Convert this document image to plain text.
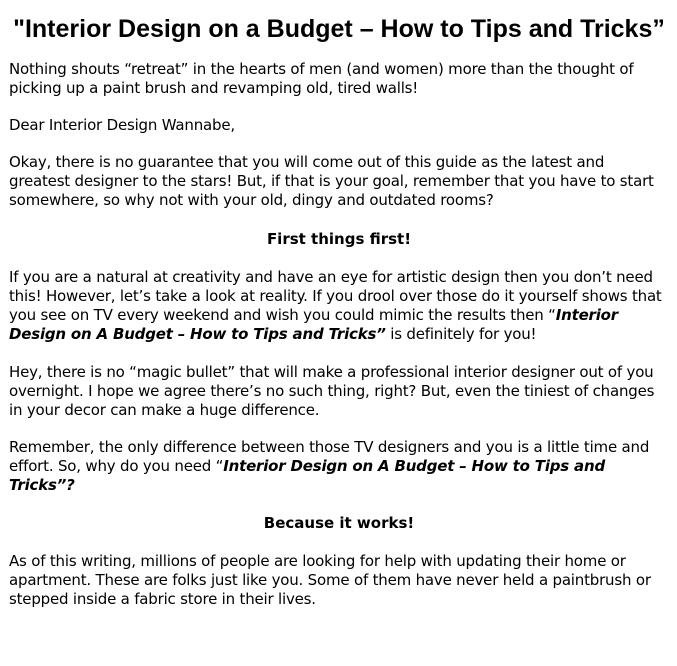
"Interior Design on a Budget – How to Tips and Tricks”

Nothing shouts “retreat” in the hearts of men (and women) more than the thought of picking up a paint brush and revamping old, tired walls!

Dear Interior Design Wannabe,

Okay, there is no guarantee that you will come out of this guide as the latest and greatest designer to the stars! But, if that is your goal, remember that you have to start somewhere, so why not with your old, dingy and outdated rooms?

First things first!

If you are a natural at creativity and have an eye for artistic design then you don’t need this! However, let’s take a look at reality. If you drool over those do it yourself shows that you see on TV every weekend and wish you could mimic the results then “Interior Design on A Budget – How to Tips and Tricks” is definitely for you!

Hey, there is no “magic bullet” that will make a professional interior designer out of you overnight. I hope we agree there’s no such thing, right? But, even the tiniest of changes in your decor can make a huge difference.

Remember, the only difference between those TV designers and you is a little time and effort. So, why do you need “Interior Design on A Budget – How to Tips and Tricks”?

Because it works!

As of this writing, millions of people are looking for help with updating their home or apartment. These are folks just like you. Some of them have never held a paintbrush or stepped inside a fabric store in their lives.
